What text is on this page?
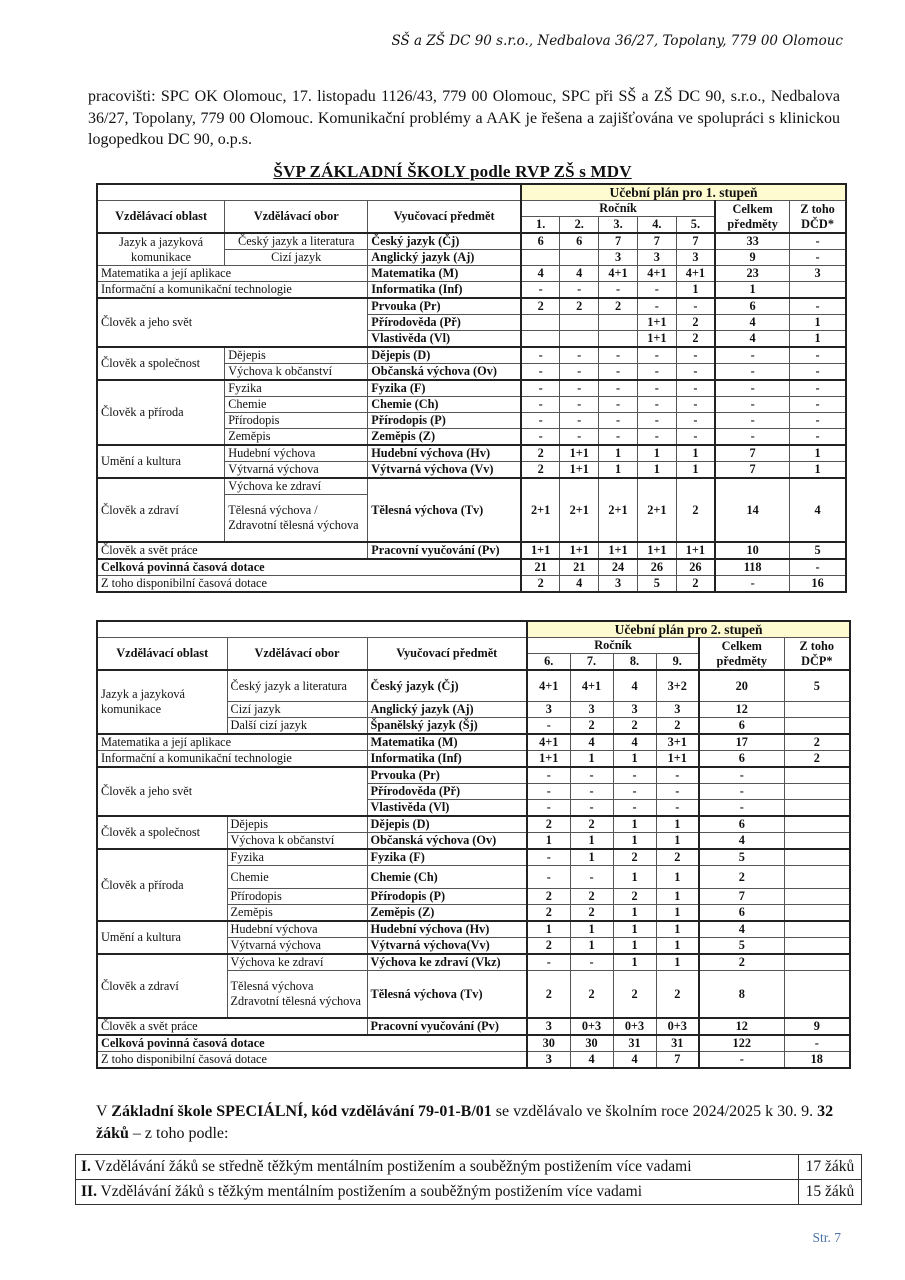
SŠ a ZŠ DC 90 s.r.o., Nedbalova 36/27, Topolany, 779 00 Olomouc
pracovišti: SPC OK Olomouc, 17. listopadu 1126/43, 779 00 Olomouc, SPC při SŠ a ZŠ DC 90, s.r.o., Nedbalova 36/27, Topolany, 779 00 Olomouc. Komunikační problémy a AAK je řešena a zajišťována ve spolupráci s klinickou logopedkou DC 90, o.p.s.
ŠVP ZÁKLADNÍ ŠKOLY podle RVP ZŠ s MDV
			Učební plán pro 1. stupeň						
Vzdělávací oblast	Vzdělávací obor	Vyučovací předmět	Ročník					Celkem předměty	Z toho DČD*
			1.	2.	3.	4.	5.		
Jazyk a jazyková komunikace	Český jazyk a literatura	Český jazyk (Čj)	6	6	7	7	7	33	-
	Cizí jazyk	Anglický jazyk (Aj)			3	3	3	9	-
Matematika a její aplikace		Matematika (M)	4	4	4+1	4+1	4+1	23	3
Informační a komunikační technologie		Informatika (Inf)	-	-	-	-	1	1	
Člověk a jeho svět		Prvouka (Pr)	2	2	2	-	-	6	-
		Přírodověda (Př)				1+1	2	4	1
		Vlastivěda (Vl)				1+1	2	4	1
Člověk a společnost	Dějepis	Dějepis (D)	-	-	-	-	-	-	-
	Výchova k občanství	Občanská výchova (Ov)	-	-	-	-	-	-	-
Člověk a příroda	Fyzika	Fyzika (F)	-	-	-	-	-	-	-
	Chemie	Chemie (Ch)	-	-	-	-	-	-	-
	Přírodopis	Přírodopis (P)	-	-	-	-	-	-	-
	Zeměpis	Zeměpis (Z)	-	-	-	-	-	-	-
Umění a kultura	Hudební výchova	Hudební výchova (Hv)	2	1+1	1	1	1	7	1
	Výtvarná výchova	Výtvarná výchova (Vv)	2	1+1	1	1	1	7	1
Člověk a zdraví	Výchova ke zdraví	Tělesná výchova (Tv)	2+1	2+1	2+1	2+1	2	14	4
	Tělesná výchova / Zdravotní tělesná výchova								
Člověk a svět práce		Pracovní vyučování (Pv)	1+1	1+1	1+1	1+1	1+1	10	5
Celková povinná časová dotace			21	21	24	26	26	118	-
Z toho disponibilní časová dotace			2	4	3	5	2	-	16
			Učební plán pro 2. stupeň					
Vzdělávací oblast	Vzdělávací obor	Vyučovací předmět	Ročník				Celkem předměty	Z toho DČP*
			6.	7.	8.	9.		
Jazyk a jazyková komunikace	Český jazyk a literatura	Český jazyk (Čj)	4+1	4+1	4	3+2	20	5
	Cizí jazyk	Anglický jazyk (Aj)	3	3	3	3	12	
	Další cizí jazyk	Španělský jazyk (Šj)	-	2	2	2	6	
Matematika a její aplikace		Matematika (M)	4+1	4	4	3+1	17	2
Informační a komunikační technologie		Informatika (Inf)	1+1	1	1	1+1	6	2
Člověk a jeho svět		Prvouka (Pr)	-	-	-	-	-	
		Přírodověda (Př)	-	-	-	-	-	
		Vlastivěda (Vl)	-	-	-	-	-	
Člověk a společnost	Dějepis	Dějepis (D)	2	2	1	1	6	
	Výchova k občanství	Občanská výchova (Ov)	1	1	1	1	4	
Člověk a příroda	Fyzika	Fyzika (F)	-	1	2	2	5	
	Chemie	Chemie (Ch)	-	-	1	1	2	
	Přírodopis	Přírodopis (P)	2	2	2	1	7	
	Zeměpis	Zeměpis (Z)	2	2	1	1	6	
Umění a kultura	Hudební výchova	Hudební výchova (Hv)	1	1	1	1	4	
	Výtvarná výchova	Výtvarná výchova(Vv)	2	1	1	1	5	
Člověk a zdraví	Výchova ke zdraví	Výchova ke zdraví (Vkz)	-	-	1	1	2	
	Tělesná výchova Zdravotní tělesná výchova	Tělesná výchova (Tv)	2	2	2	2	8	
Člověk a svět práce		Pracovní vyučování (Pv)	3	0+3	0+3	0+3	12	9
Celková povinná časová dotace			30	30	31	31	122	-
Z toho disponibilní časová dotace			3	4	4	7	-	18
V Základní škole SPECIÁLNÍ, kód vzdělávání 79-01-B/01 se vzdělávalo ve školním roce 2024/2025 k 30. 9. 32 žáků – z toho podle:
I. Vzdělávání žáků se středně těžkým mentálním postižením a souběžným postižením více vadami	17 žáků
II. Vzdělávání žáků s těžkým mentálním postižením a souběžným postižením více vadami	15 žáků
Str. 7
